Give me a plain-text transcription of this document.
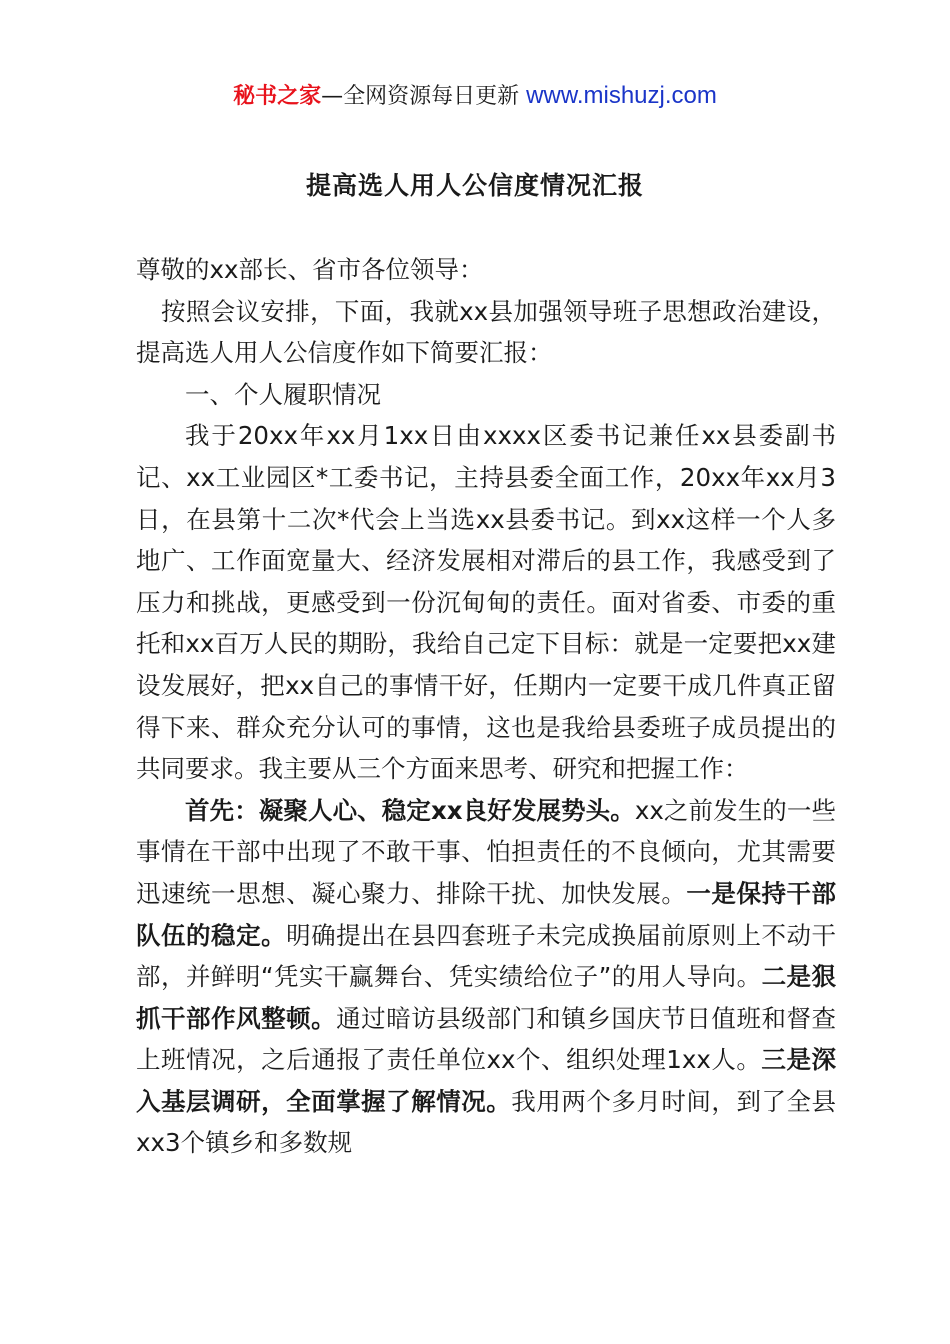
秘书之家—全网资源每日更新 www.mishuzj.com
提高选人用人公信度情况汇报

尊敬的xx部长、省市各位领导：

按照会议安排，下面，我就xx县加强领导班子思想政治建设，提高选人用人公信度作如下简要汇报：

一、个人履职情况

我于20xx年xx月1xx日由xxxx区委书记兼任xx县委副书记、xx工业园区*工委书记，主持县委全面工作，20xx年xx月3日，在县第十二次*代会上当选xx县委书记。到xx这样一个人多地广、工作面宽量大、经济发展相对滞后的县工作，我感受到了压力和挑战，更感受到一份沉甸甸的责任。面对省委、市委的重托和xx百万人民的期盼，我给自己定下目标：就是一定要把xx建设发展好，把xx自己的事情干好，任期内一定要干成几件真正留得下来、群众充分认可的事情，这也是我给县委班子成员提出的共同要求。我主要从三个方面来思考、研究和把握工作：

首先：凝聚人心、稳定xx良好发展势头。xx之前发生的一些事情在干部中出现了不敢干事、怕担责任的不良倾向，尤其需要迅速统一思想、凝心聚力、排除干扰、加快发展。一是保持干部队伍的稳定。明确提出在县四套班子未完成换届前原则上不动干部，并鲜明“凭实干赢舞台、凭实绩给位子”的用人导向。二是狠抓干部作风整顿。通过暗访县级部门和镇乡国庆节日值班和督查上班情况，之后通报了责任单位xx个、组织处理1xx人。三是深入基层调研，全面掌握了解情况。我用两个多月时间，到了全县xx3个镇乡和多数规
